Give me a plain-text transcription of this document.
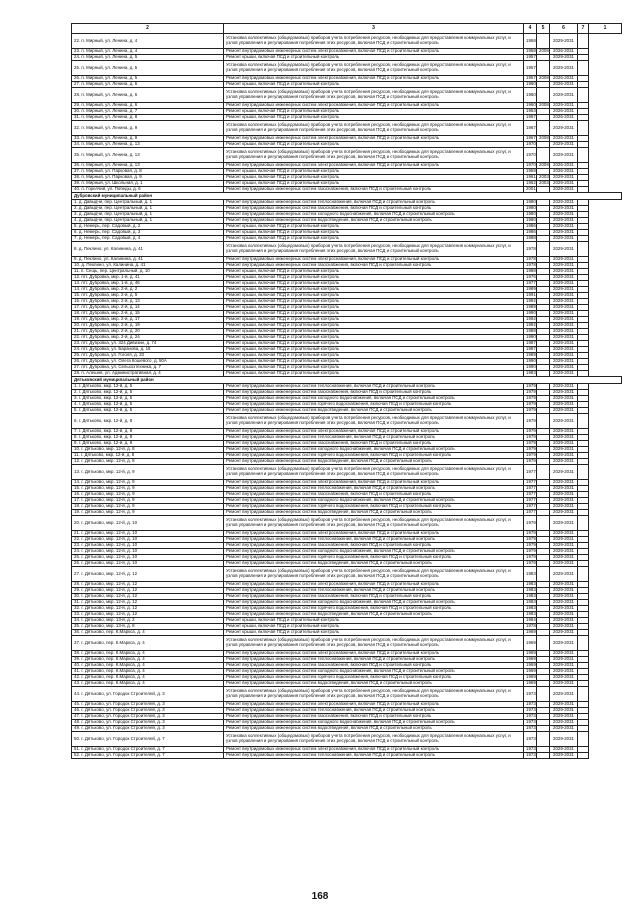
2	3	4	5	6	7	1
22. п. Мирный, ул. Ленина, д. 4	Установка коллективных (общедомовых) приборов учета потребления ресурсов, необходимых для предоставления коммунальных услуг, и узлов управления и регулирования потребления этих ресурсов, включая ПСД и строительный контроль	1958		2029-2031		
23. п. Мирный, ул. Ленина, д. 4	Ремонт внутридомовых инженерных систем электроснабжения, включая ПСД и строительный контроль	1958	2008	2026-2031		
24. п. Мирный, ул. Ленина, д. 5	Ремонт крыши, включая ПСД и строительный контроль	1957		2029-2031		
25. п. Мирный, ул. Ленина, д. 5	Установка коллективных (общедомовых) приборов учета потребления ресурсов, необходимых для предоставления коммунальных услуг, и узлов управления и регулирования потребления этих ресурсов, включая ПСД и строительный контроль	1957		2029-2031		
26. п. Мирный, ул. Ленина, д. 5	Ремонт внутридомовых инженерных систем электроснабжения, включая ПСД и строительный контроль	1957	2008	2026-2031		
27. п. Мирный, ул. Ленина, д. 6	Ремонт крыши, включая ПСД и строительный контроль	1960		2026-2031		
28. п. Мирный, ул. Ленина, д. 6	Установка коллективных (общедомовых) приборов учета потребления ресурсов, необходимых для предоставления коммунальных услуг, и узлов управления и регулирования потребления этих ресурсов, включая ПСД и строительный контроль	1960		2029-2031		
29. п. Мирный, ул. Ленина, д. 6	Ремонт внутридомовых инженерных систем электроснабжения, включая ПСД и строительный контроль	1960	2008	2029-2031		
30. п. Мирный, ул. Ленина, д. 7	Ремонт крыши, включая ПСД и строительный контроль	1963		2026-2031		
31. п. Мирный, ул. Ленина, д. 8	Ремонт крыши, включая ПСД и строительный контроль	1967		2026-2031		
32. п. Мирный, ул. Ленина, д. 9	Установка коллективных (общедомовых) приборов учета потребления ресурсов, необходимых для предоставления коммунальных услуг, и узлов управления и регулирования потребления этих ресурсов, включая ПСД и строительный контроль	1967		2029-2031		
33. п. Мирный, ул. Ленина, д. 9	Ремонт внутридомовых инженерных систем электроснабжения, включая ПСД и строительный контроль	1967	2008	2026-2031		
34. п. Мирный, ул. Ленина, д. 13	Ремонт крыши, включая ПСД и строительный контроль	1970		2029-2031		
35. п. Мирный, ул. Ленина, д. 13	Установка коллективных (общедомовых) приборов учета потребления ресурсов, необходимых для предоставления коммунальных услуг, и узлов управления и регулирования потребления этих ресурсов, включая ПСД и строительный контроль	1970		2029-2031		
36. п. Мирный, ул. Ленина, д. 13	Ремонт внутридомовых инженерных систем электроснабжения, включая ПСД и строительный контроль	1970	2008	2026-2031		
37. п. Мирный, ул. Парковая, д. 8	Ремонт крыши, включая ПСД и строительный контроль	1958		2026-2031		
38. п. Мирный, ул. Парковая, д. 9	Ремонт крыши, включая ПСД и строительный контроль	1961	2003	2029-2031		
39. п. Мирный, ул. Школьная, д. 1	Ремонт крыши, включая ПСД и строительный контроль	1962	2003	2029-2031		
40. п. Горелчий, ул. Победы, д. 6	Ремонт внутридомовых инженерных систем газоснабжения, включая ПСД и строительный контроль	2001		2029-2031		
Дубровский муниципальный район						
1. д. Давыдчи, пер. Центральный, д. 1	Ремонт внутридомовых инженерных систем теплоснабжения, включая ПСД и строительный контроль	1980		2029-2031		
2. д. Давыдчи, пер. Центральный, д. 1	Ремонт внутридомовых инженерных систем газоснабжения, включая ПСД и строительный контроль	1980		2029-2031		
3. д. Давыдчи, пер. Центральный, д. 1	Ремонт внутридомовых инженерных систем холодного водоснабжения, включая ПСД и строительный контроль	1980		2029-2031		
4. д. Давыдчи, пер. Центральный, д. 1	Ремонт внутридомовых инженерных систем водоотведения, включая ПСД и строительный контроль	1980		2029-2031		
5. д. Немерь, пер. Садовый, д. 2	Ремонт крыши, включая ПСД и строительный контроль	1986		2029-2031		
6. д. Немерь, пер. Садовый, д. 3	Ремонт крыши, включая ПСД и строительный контроль	1986		2029-2031		
7. д. Немерь, пер. Садовый, д. 4	Ремонт крыши, включая ПСД и строительный контроль	1988		2029-2031		
8. д. Пеклино, ул. Калинина, д. 41	Установка коллективных (общедомовых) приборов учета потребления ресурсов, необходимых для предоставления коммунальных услуг, и узлов управления и регулирования потребления этих ресурсов, включая ПСД и строительный контроль	1978		2029-2031		
9. д. Пеклино, ул. Калинина, д. 41	Ремонт внутридомовых инженерных систем электроснабжения, включая ПСД и строительный контроль	1978		2029-2031		
10. д. Пеклино, ул. Калинина, д. 41	Ремонт внутридомовых инженерных систем газоснабжения, включая ПСД и строительный контроль	1978		2029-2031		
11. п. Сещь, пер. Центральный, д. 10	Ремонт крыши, включая ПСД и строительный контроль	1988		2029-2031		
12. пгт. Дубровка, мкр. 1-й, д. 41	Ремонт крыши, включая ПСД и строительный контроль	1976		2029-2031		
13. пгт. Дубровка, мкр. 1-й, д. 46	Ремонт крыши, включая ПСД и строительный контроль	1977		2029-2031		
14. пгт. Дубровка, мкр. 2-й, д. 2	Ремонт крыши, включая ПСД и строительный контроль	1989		2029-2031		
15. пгт. Дубровка, мкр. 2-й, д. 5	Ремонт крыши, включая ПСД и строительный контроль	1991		2029-2031		
16. пгт. Дубровка, мкр. 2-й, д. 13	Ремонт крыши, включая ПСД и строительный контроль	1992		2029-2031		
17. пгт. Дубровка, мкр. 2-й, д. 14	Ремонт крыши, включая ПСД и строительный контроль	1989		2029-2031		
18. пгт. Дубровка, мкр. 2-й, д. 15	Ремонт крыши, включая ПСД и строительный контроль	1990		2029-2031		
19. пгт. Дубровка, мкр. 2-й, д. 17	Ремонт крыши, включая ПСД и строительный контроль	1992		2029-2031		
20. пгт. Дубровка, мкр. 2-й, д. 19	Ремонт крыши, включая ПСД и строительный контроль	1992		2029-2031		
21. пгт. Дубровка, мкр. 2-й, д. 20	Ремонт крыши, включая ПСД и строительный контроль	1988		2029-2031		
22. пгт. Дубровка, мкр. 2-й, д. 24	Ремонт крыши, включая ПСД и строительный контроль	1990		2029-2031		
23. пгт. Дубровка, ул. 324 Дивизии, д. 74	Ремонт крыши, включая ПСД и строительный контроль	1987		2029-2031		
24. пгт. Дубровка, ул. Баранова, д. 16	Ремонт крыши, включая ПСД и строительный контроль	1987		2029-2031		
25. пгт. Дубровка, ул. Гоголя, д. 33	Ремонт крыши, включая ПСД и строительный контроль	1989		2029-2031		
26. пгт. Дубровка, ул. Олега Кошевого, д. 50А	Ремонт крыши, включая ПСД и строительный контроль	1990		2029-2031		
27. пгт. Дубровка, ул. Сельхозтехника, д. 7	Ремонт крыши, включая ПСД и строительный контроль	1990		2029-2031		
28. п. Алешня, ул. Административная, д. 4	Ремонт крыши, включая ПСД и строительный контроль	1983		2029-2031		
Дятьковский муниципальный район						
1. г. Дятьково, мкр. 12-й, д. 5	Ремонт внутридомовых инженерных систем теплоснабжения, включая ПСД и строительный контроль	1979		2029-2031		
2. г. Дятьково, мкр. 12-й, д. 5	Ремонт внутридомовых инженерных систем газоснабжения, включая ПСД и строительный контроль	1979		2029-2031		
3. г. Дятьково, мкр. 12-й, д. 5	Ремонт внутридомовых инженерных систем холодного водоснабжения, включая ПСД и строительный контроль	1979		2029-2031		
4. г. Дятьково, мкр. 12-й, д. 5	Ремонт внутридомовых инженерных систем горячего водоснабжения, включая ПСД и строительный контроль	1979		2029-2031		
5. г. Дятьково, мкр. 12-й, д. 5	Ремонт внутридомовых инженерных систем водоотведения, включая ПСД и строительный контроль	1979		2029-2031		
6. г. Дятьково, мкр. 12-й, д. 8	Установка коллективных (общедомовых) приборов учета потребления ресурсов, необходимых для предоставления коммунальных услуг, и узлов управления и регулирования потребления этих ресурсов, включая ПСД и строительный контроль	1979		2029-2031		
7. г. Дятьково, мкр. 12-й, д. 8	Ремонт внутридомовых инженерных систем электроснабжения, включая ПСД и строительный контроль	1979		2029-2031		
8. г. Дятьково, мкр. 12-й, д. 8	Ремонт внутридомовых инженерных систем теплоснабжения, включая ПСД и строительный контроль	1979		2029-2031		
9. г. Дятьково, мкр. 12-й, д. 8	Ремонт внутридомовых инженерных систем газоснабжения, включая ПСД и строительный контроль	1979		2029-2031		
10. г. Дятьково, мкр. 12-й, д. 8	Ремонт внутридомовых инженерных систем холодного водоснабжения, включая ПСД и строительный контроль	1979		2029-2031		
11. г. Дятьково, мкр. 12-й, д. 8	Ремонт внутридомовых инженерных систем горячего водоснабжения, включая ПСД и строительный контроль	1979		2029-2031		
12. г. Дятьково, мкр. 12-й, д. 8	Ремонт внутридомовых инженерных систем водоотведения, включая ПСД и строительный контроль	1979		2029-2031		
13. г. Дятьково, мкр. 12-й, д. 9	Установка коллективных (общедомовых) приборов учета потребления ресурсов, необходимых для предоставления коммунальных услуг, и узлов управления и регулирования потребления этих ресурсов, включая ПСД и строительный контроль	1977		2029-2031		
14. г. Дятьково, мкр. 12-й, д. 9	Ремонт внутридомовых инженерных систем электроснабжения, включая ПСД и строительный контроль	1977		2029-2031		
15. г. Дятьково, мкр. 12-й, д. 9	Ремонт внутридомовых инженерных систем теплоснабжения, включая ПСД и строительный контроль	1977		2029-2031		
16. г. Дятьково, мкр. 12-й, д. 9	Ремонт внутридомовых инженерных систем газоснабжения, включая ПСД и строительный контроль	1977		2029-2031		
17. г. Дятьково, мкр. 12-й, д. 9	Ремонт внутридомовых инженерных систем холодного водоснабжения, включая ПСД и строительный контроль	1977		2029-2031		
18. г. Дятьково, мкр. 12-й, д. 9	Ремонт внутридомовых инженерных систем горячего водоснабжения, включая ПСД и строительный контроль	1977		2029-2031		
19. г. Дятьково, мкр. 12-й, д. 9	Ремонт внутридомовых инженерных систем водоотведения, включая ПСД и строительный контроль	1977		2029-2031		
20. г. Дятьково, мкр. 12-й, д. 10	Установка коллективных (общедомовых) приборов учета потребления ресурсов, необходимых для предоставления коммунальных услуг, и узлов управления и регулирования потребления этих ресурсов, включая ПСД и строительный контроль	1979		2029-2031		
21. г. Дятьково, мкр. 12-й, д. 10	Ремонт внутридомовых инженерных систем электроснабжения, включая ПСД и строительный контроль	1979		2029-2031		
22. г. Дятьково, мкр. 12-й, д. 10	Ремонт внутридомовых инженерных систем теплоснабжения, включая ПСД и строительный контроль	1979		2029-2031		
23. г. Дятьково, мкр. 12-й, д. 10	Ремонт внутридомовых инженерных систем газоснабжения, включая ПСД и строительный контроль	1979		2029-2031		
24. г. Дятьково, мкр. 12-й, д. 10	Ремонт внутридомовых инженерных систем холодного водоснабжения, включая ПСД и строительный контроль	1979		2029-2031		
25. г. Дятьково, мкр. 12-й, д. 10	Ремонт внутридомовых инженерных систем горячего водоснабжения, включая ПСД и строительный контроль	1979		2029-2031		
26. г. Дятьково, мкр. 12-й, д. 10	Ремонт внутридомовых инженерных систем водоотведения, включая ПСД и строительный контроль	1979		2029-2031		
27. г. Дятьково, мкр. 12-й, д. 12	Установка коллективных (общедомовых) приборов учета потребления ресурсов, необходимых для предоставления коммунальных услуг, и узлов управления и регулирования потребления этих ресурсов, включая ПСД и строительный контроль	1983		2029-2031		
28. г. Дятьково, мкр. 12-й, д. 12	Ремонт внутридомовых инженерных систем электроснабжения, включая ПСД и строительный контроль	1983		2029-2031		
29. г. Дятьково, мкр. 12-й, д. 12	Ремонт внутридомовых инженерных систем теплоснабжения, включая ПСД и строительный контроль	1983		2029-2031		
30. г. Дятьково, мкр. 12-й, д. 12	Ремонт внутридомовых инженерных систем газоснабжения, включая ПСД и строительный контроль	1983		2029-2031		
31. г. Дятьково, мкр. 12-й, д. 12	Ремонт внутридомовых инженерных систем холодного водоснабжения, включая ПСД и строительный контроль	1983		2029-2031		
32. г. Дятьково, мкр. 12-й, д. 12	Ремонт внутридомовых инженерных систем горячего водоснабжения, включая ПСД и строительный контроль	1983		2029-2031		
33. г. Дятьково, мкр. 12-й, д. 12	Ремонт внутридомовых инженерных систем водоотведения, включая ПСД и строительный контроль	1983		2029-2031		
34. г. Дятьково, мкр. 13-й, д. 2	Ремонт крыши, включая ПСД и строительный контроль	1984		2029-2031		
35. г. Дятьково, мкр. 13-й, д. 8	Ремонт крыши, включая ПСД и строительный контроль	1978		2029-2031		
36. г. Дятьково, пер. К.Маркса, д. 4	Ремонт крыши, включая ПСД и строительный контроль	1969		2029-2031		
37. г. Дятьково, пер. К.Маркса, д. 4	Установка коллективных (общедомовых) приборов учета потребления ресурсов, необходимых для предоставления коммунальных услуг, и узлов управления и регулирования потребления этих ресурсов, включая ПСД и строительный контроль	1969		2029-2031		
38. г. Дятьково, пер. К.Маркса, д. 4	Ремонт внутридомовых инженерных систем электроснабжения, включая ПСД и строительный контроль	1969		2029-2031		
39. г. Дятьково, пер. К.Маркса, д. 4	Ремонт внутридомовых инженерных систем теплоснабжения, включая ПСД и строительный контроль	1969		2029-2031		
40. г. Дятьково, пер. К.Маркса, д. 4	Ремонт внутридомовых инженерных систем газоснабжения, включая ПСД и строительный контроль	1969		2029-2031		
41. г. Дятьково, пер. К.Маркса, д. 4	Ремонт внутридомовых инженерных систем холодного водоснабжения, включая ПСД и строительный контроль	1969		2029-2031		
42. г. Дятьково, пер. К.Маркса, д. 4	Ремонт внутридомовых инженерных систем горячего водоснабжения, включая ПСД и строительный контроль	1969		2029-2031		
43. г. Дятьково, пер. К.Маркса, д. 4	Ремонт внутридомовых инженерных систем водоотведения, включая ПСД и строительный контроль	1969		2029-2031		
44. г. Дятьково, ул. Городок Строителей, д. 3	Установка коллективных (общедомовых) приборов учета потребления ресурсов, необходимых для предоставления коммунальных услуг, и узлов управления и регулирования потребления этих ресурсов, включая ПСД и строительный контроль	1973		2029-2031		
45. г. Дятьково, ул. Городок Строителей, д. 3	Ремонт внутридомовых инженерных систем электроснабжения, включая ПСД и строительный контроль	1973		2029-2031		
46. г. Дятьково, ул. Городок Строителей, д. 3	Ремонт внутридомовых инженерных систем теплоснабжения, включая ПСД и строительный контроль	1973		2029-2031		
47. г. Дятьково, ул. Городок Строителей, д. 3	Ремонт внутридомовых инженерных систем газоснабжения, включая ПСД и строительный контроль	1973		2029-2031		
48. г. Дятьково, ул. Городок Строителей, д. 3	Ремонт внутридомовых инженерных систем холодного водоснабжения, включая ПСД и строительный контроль	1973		2029-2031		
49. г. Дятьково, ул. Городок Строителей, д. 3	Ремонт внутридомовых инженерных систем водоотведения, включая ПСД и строительный контроль	1973		2029-2031		
50. г. Дятьково, ул. Городок Строителей, д. 7	Установка коллективных (общедомовых) приборов учета потребления ресурсов, необходимых для предоставления коммунальных услуг, и узлов управления и регулирования потребления этих ресурсов, включая ПСД и строительный контроль	1973		2029-2031		
51. г. Дятьково, ул. Городок Строителей, д. 7	Ремонт внутридомовых инженерных систем электроснабжения, включая ПСД и строительный контроль	1973		2029-2031		
52. г. Дятьково, ул. Городок Строителей, д. 7	Ремонт внутридомовых инженерных систем теплоснабжения, включая ПСД и строительный контроль	1973		2029-2031		
168
